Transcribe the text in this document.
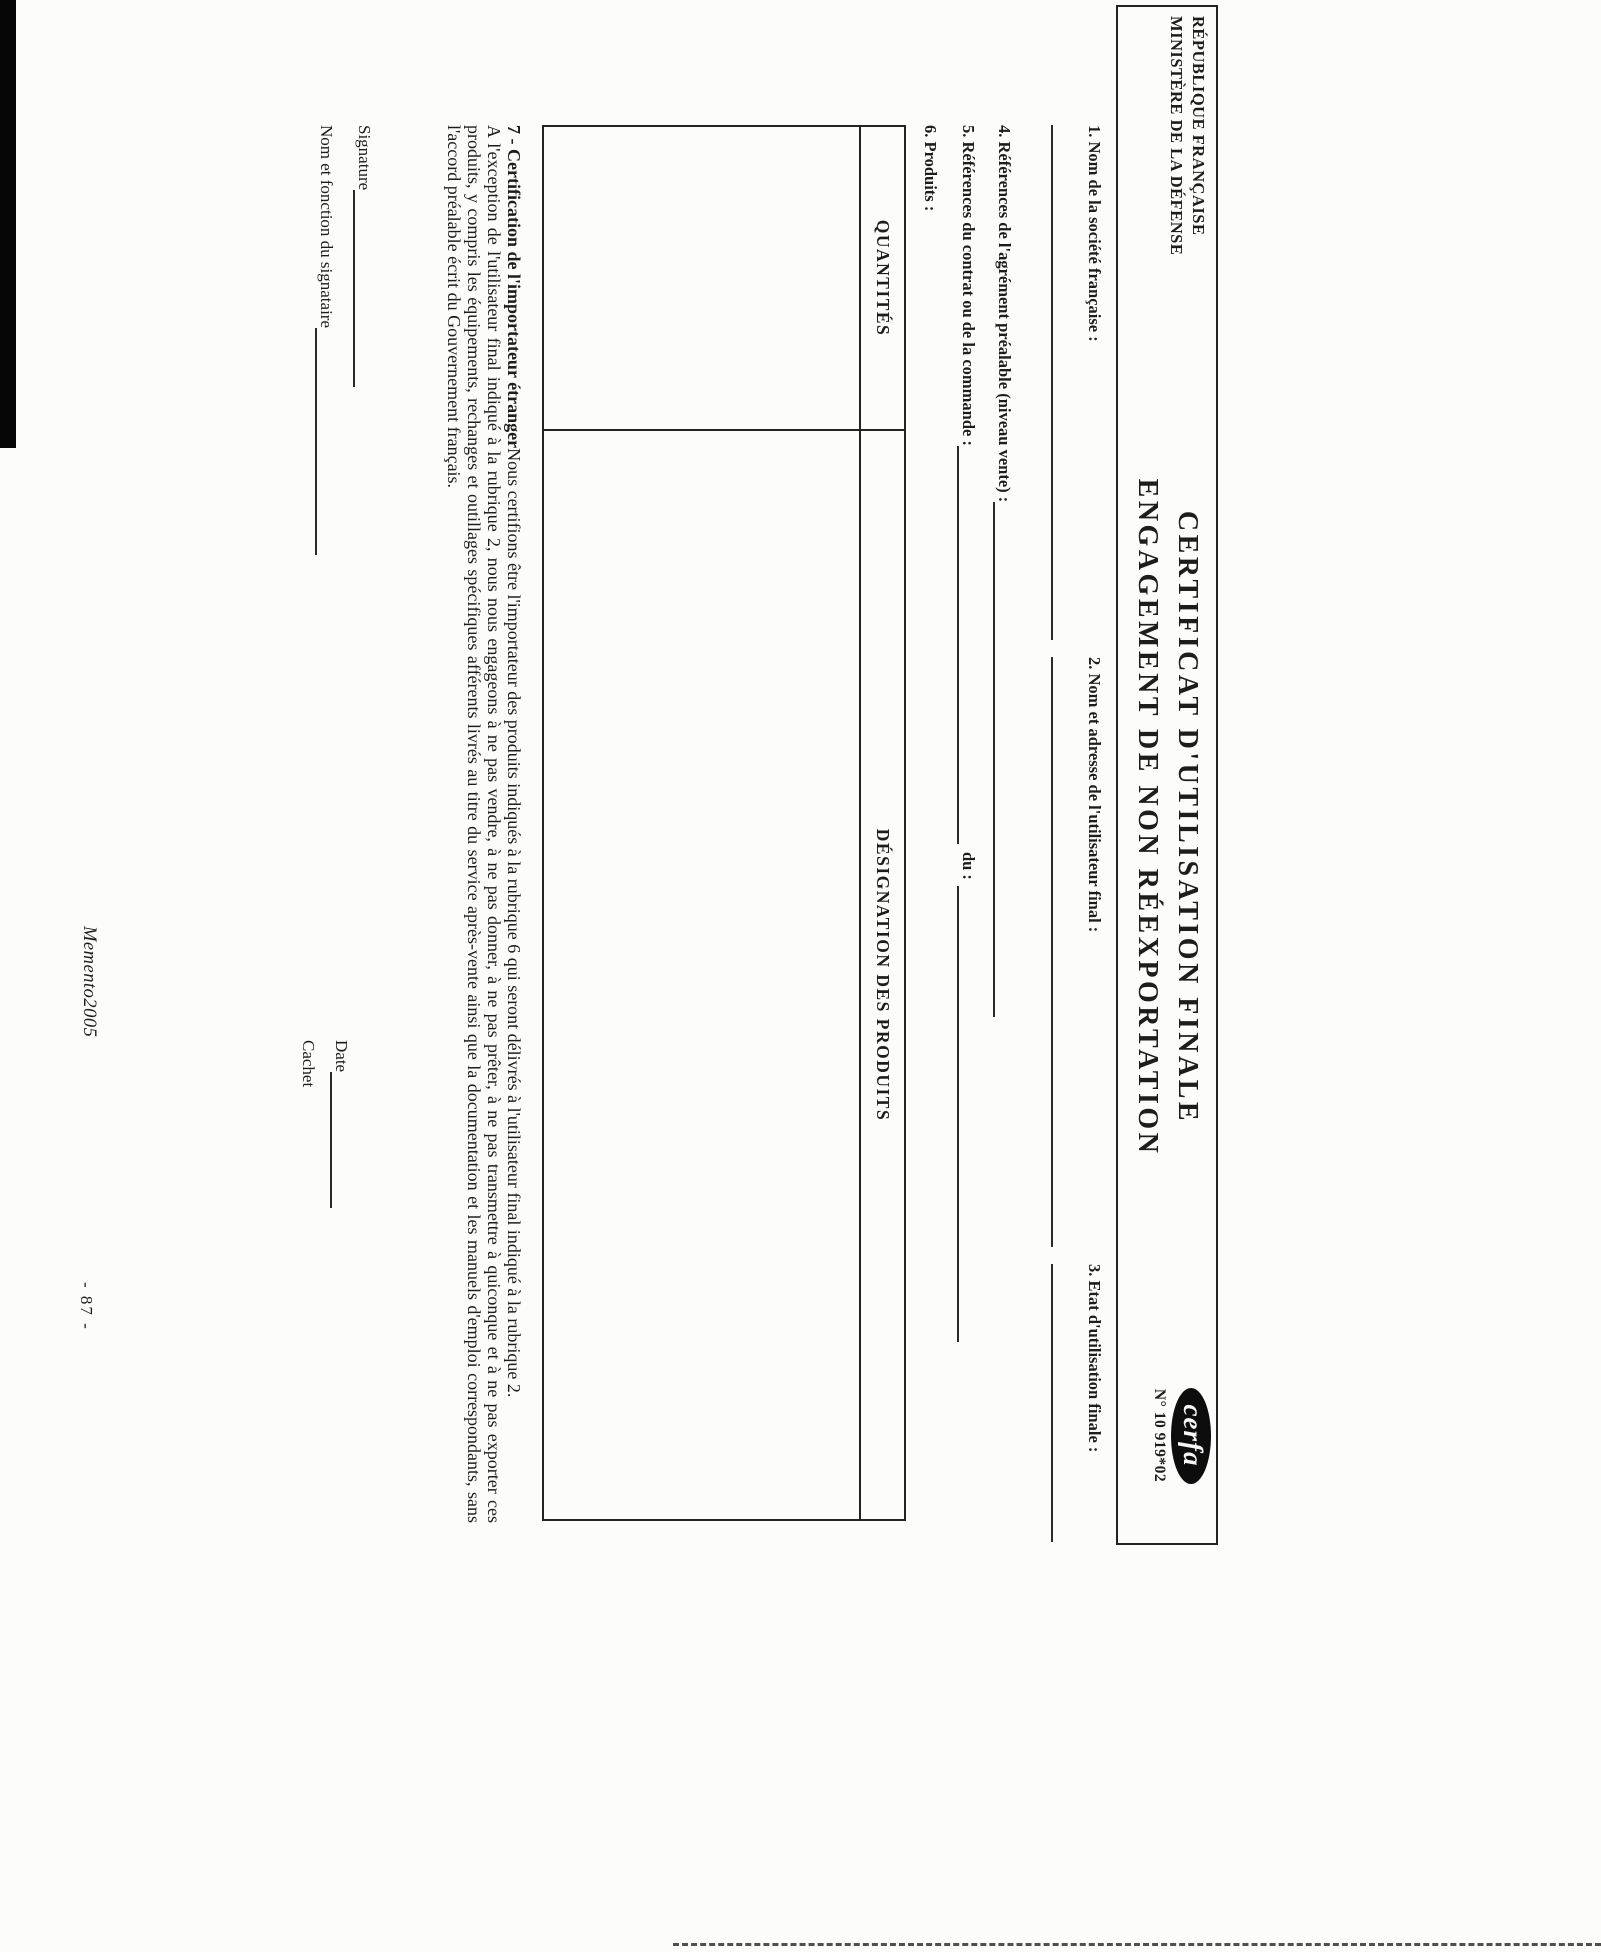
RÉPUBLIQUE FRANÇAISE
MINISTÈRE DE LA DÉFENSE
CERTIFICAT D'UTILISATION FINALE
ENGAGEMENT DE NON RÉEXPORTATION
cerfa
N° 10 919*02
1. Nom de la société française :
2. Nom et adresse de l'utilisateur final :
3. Etat d'utilisation finale :
4. Références de l'agrément préalable (niveau vente) :
5. Références du contrat ou de la commande :
du :
6. Produits :
QUANTITÉS
DÉSIGNATION DES PRODUITS
7 - Certification de l'importateur étrangerNous certifions être l'importateur des produits indiqués à la rubrique 6 qui seront délivrés à l'utilisateur final indiqué à la rubrique 2.
A l'exception de l'utilisateur final indiqué à la rubrique 2, nous nous engageons à ne pas vendre, à ne pas donner, à ne pas prêter, à ne pas transmettre à quiconque et à ne pas exporter ces produits, y compris les équipements, rechanges et outillages spécifiques afférents livrés au titre du service après-vente ainsi que la documentation et les manuels d'emploi correspondants, sans l'accord préalable écrit du Gouvernement français.
Signature
Nom et fonction du signataire
Date
Cachet
Memento2005
- 87 -
